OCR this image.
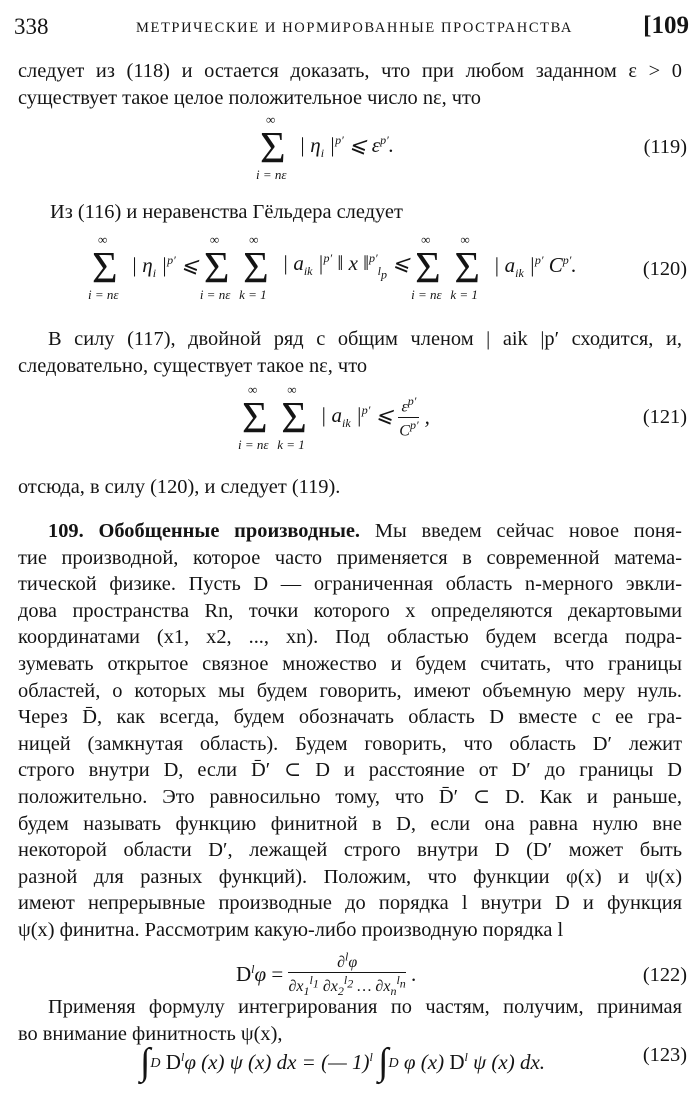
338	МЕТРИЧЕСКИЕ И НОРМИРОВАННЫЕ ПРОСТРАНСТВА	[109
следует из (118) и остается доказать, что при любом заданном ε > 0
существует такое целое положительное число nε, что
∞
Σ
i = nε
| $\eta_i$ $|^{p'}$ ⩽ $\varepsilon^{p'}$.	(119)
Из (116) и неравенства Гёльдера следует
∞
Σ
i = nε
| $\eta_i$ $|^{p'}$ ⩽
∞
Σ
i = nε

∞
Σ
k = 1
| $a_{ik}$ $|^{p'}$ ‖ x ‖$^{p'}_{l_p}$ ⩽
∞
Σ
i = nε

∞
Σ
k = 1
| $a_{ik}$ $|^{p'}$ $C^{p'}$.	(120)
В силу (117), двойной ряд с общим членом | aik |p′ сходится, и,
следовательно, существует такое nε, что
∞
Σ
i = nε

∞
Σ
k = 1
| $a_{ik}$ $|^{p'}$ ⩽ $\frac{\varepsilon^{p'}}{C^{p'}}$ ,	(121)
отсюда, в силу (120), и следует (119).
109. Обобщенные производные. Мы введем сейчас новое поня-
тие производной, которое часто применяется в современной матема-
тической физике. Пусть D — ограниченная область n-мерного эвкли-
дова пространства Rn, точки которого x определяются декартовыми
координатами (x1, x2, ..., xn). Под областью будем всегда подра-
зумевать открытое связное множество и будем считать, что границы
областей, о которых мы будем говорить, имеют объемную меру нуль.
Через D̄, как всегда, будем обозначать область D вместе с ее гра-
ницей (замкнутая область). Будем говорить, что область D′ лежит
строго внутри D, если D̄′ ⊂ D и расстояние от D′ до границы D
положительно. Это равносильно тому, что D̄′ ⊂ D. Как и раньше,
будем называть функцию финитной в D, если она равна нулю вне
некоторой области D′, лежащей строго внутри D (D′ может быть
разной для разных функций). Положим, что функции φ(x) и ψ(x)
имеют непрерывные производные до порядка l внутри D и функция
ψ(x) финитна. Рассмотрим какую-либо производную порядка l
$D^l\varphi = \frac{\partial^l\varphi}{\partial x_1^{l_1} \partial x_2^{l_2} \dots \partial x_n^{l_n}}$ .	(122)
Применяя формулу интегрирования по частям, получим, принимая
во внимание финитность ψ(x),
∫D $D^l\varphi$ (x) ψ (x) dx = (— 1)$^l$ ∫D φ (x) $D^l$ ψ (x) dx.	(123)
